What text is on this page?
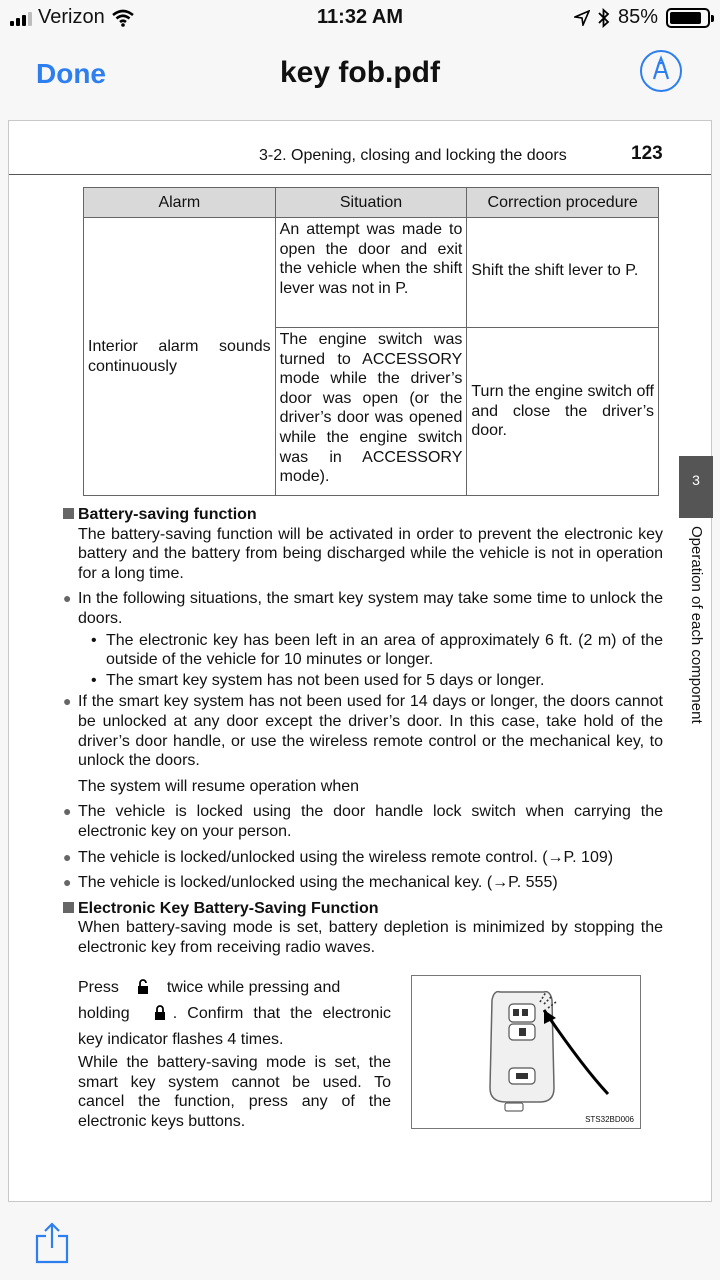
Verizon	11:32 AM	85%
Done	key fob.pdf
3-2. Opening, closing and locking the doors	123
Alarm	Situation	Correction procedure
Interior alarm sounds continuously	An attempt was made to open the door and exit the vehicle when the shift lever was not in P.	Shift the shift lever to P.
	The engine switch was turned to ACCESSORY mode while the driver’s door was open (or the driver’s door was opened while the engine switch was in ACCESSORY mode).	Turn the engine switch off and close the driver’s door.
3
Operation of each component
Battery-saving function

The battery-saving function will be activated in order to prevent the electronic key battery and the battery from being discharged while the vehicle is not in operation for a long time.

●
In the following situations, the smart key system may take some time to unlock the doors.
• The electronic key has been left in an area of approximately 6 ft. (2 m) of the outside of the vehicle for 10 minutes or longer.
• The smart key system has not been used for 5 days or longer.
●
If the smart key system has not been used for 14 days or longer, the doors cannot be unlocked at any door except the driver’s door. In this case, take hold of the driver’s door handle, or use the wireless remote control or the mechanical key, to unlock the doors.

The system will resume operation when

●
The vehicle is locked using the door handle lock switch when carrying the electronic key on your person.
●
The vehicle is locked/unlocked using the wireless remote control. (→P. 109)
●
The vehicle is locked/unlocked using the mechanical key. (→P. 555)
Electronic Key Battery-Saving Function

When battery-saving mode is set, battery depletion is minimized by stopping the electronic key from receiving radio waves.

Press	twice while pressing and
holding	. Confirm that the electronic key indicator flashes 4 times.
While the battery-saving mode is set, the smart key system cannot be used. To cancel the function, press any of the electronic keys buttons.	STS32BD006
